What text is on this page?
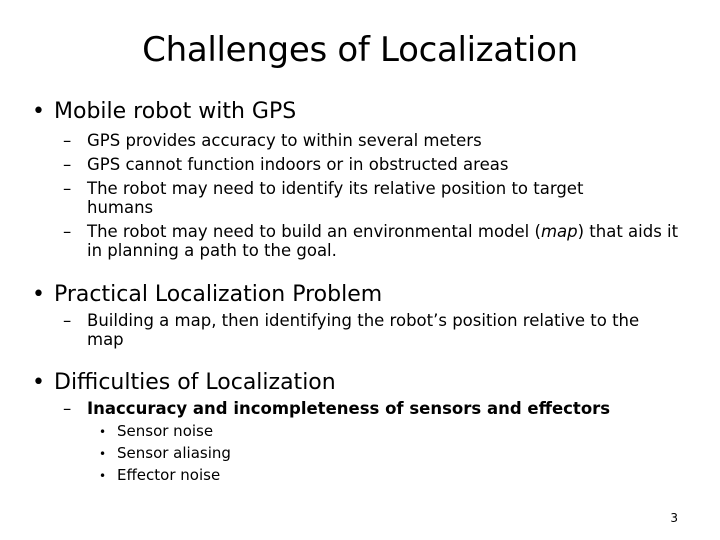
Challenges of Localization

• Mobile robot with GPS

– GPS provides accuracy to within several meters
– GPS cannot function indoors or in obstructed areas
– The robot may need to identify its relative position to target humans
– The robot may need to build an environmental model (map) that aids it in planning a path to the goal.

• Practical Localization Problem

– Building a map, then identifying the robot’s position relative to the map

• Difficulties of Localization

– Inaccuracy and incompleteness of sensors and effectors
• Sensor noise
• Sensor aliasing
• Effector noise
3
